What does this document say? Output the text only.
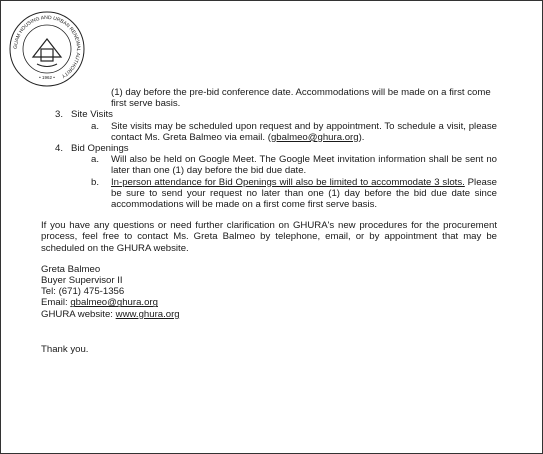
GUAM HOUSING AND URBAN RENEWAL AUTHORITY
• 1962 •
(1) day before the pre-bid conference date. Accommodations will be made on a first come first serve basis.
3. Site Visits
a. Site visits may be scheduled upon request and by appointment. To schedule a visit, please contact Ms. Greta Balmeo via email. (gbalmeo@ghura.org).
4. Bid Openings
a. Will also be held on Google Meet. The Google Meet invitation information shall be sent no later than one (1) day before the bid due date.
b. In-person attendance for Bid Openings will also be limited to accommodate 3 slots. Please be sure to send your request no later than one (1) day before the bid due date since accommodations will be made on a first come first serve basis.
If you have any questions or need further clarification on GHURA's new procedures for the procurement process, feel free to contact Ms. Greta Balmeo by telephone, email, or by appointment that may be scheduled on the GHURA website.
Greta Balmeo
Buyer Supervisor II
Tel: (671) 475-1356
Email: gbalmeo@ghura.org
GHURA website: www.ghura.org
Thank you.
